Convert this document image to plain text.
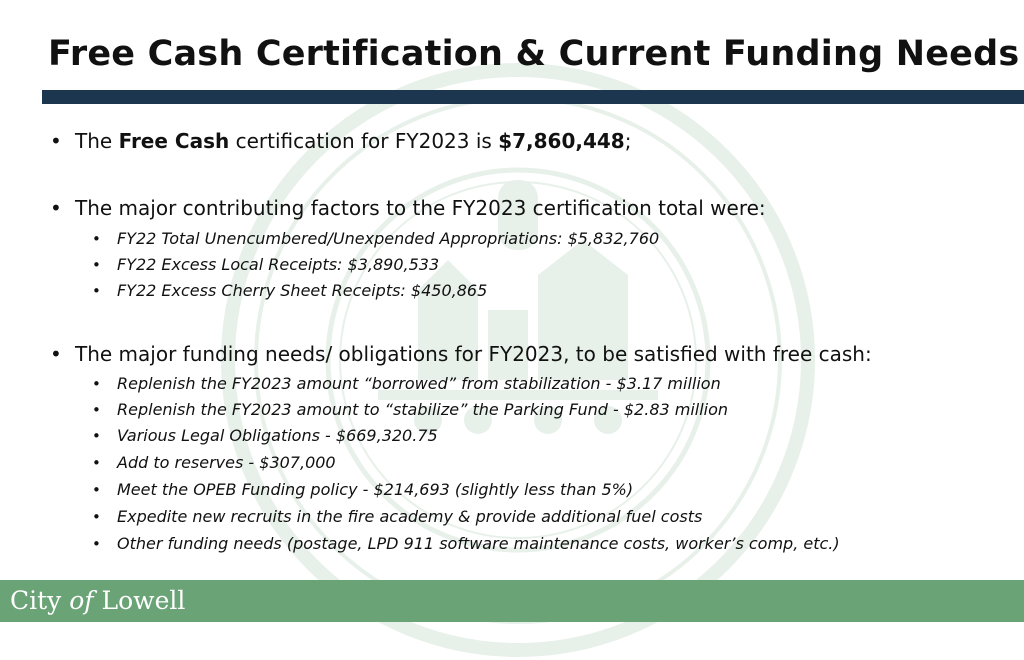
Free Cash Certification & Current Funding Needs
• The Free Cash certification for FY2023 is $7,860,448;
• The major contributing factors to the FY2023 certification total were:
• FY22 Total Unencumbered/Unexpended Appropriations: $5,832,760
• FY22 Excess Local Receipts: $3,890,533
• FY22 Excess Cherry Sheet Receipts: $450,865
• The major funding needs/ obligations for FY2023, to be satisfied with free cash:
• Replenish the FY2023 amount “borrowed” from stabilization - $3.17 million
• Replenish the FY2023 amount to “stabilize” the Parking Fund - $2.83 million
• Various Legal Obligations - $669,320.75
• Add to reserves - $307,000
• Meet the OPEB Funding policy - $214,693 (slightly less than 5%)
• Expedite new recruits in the fire academy & provide additional fuel costs
• Other funding needs (postage, LPD 911 software maintenance costs, worker’s comp, etc.)
City of Lowell
